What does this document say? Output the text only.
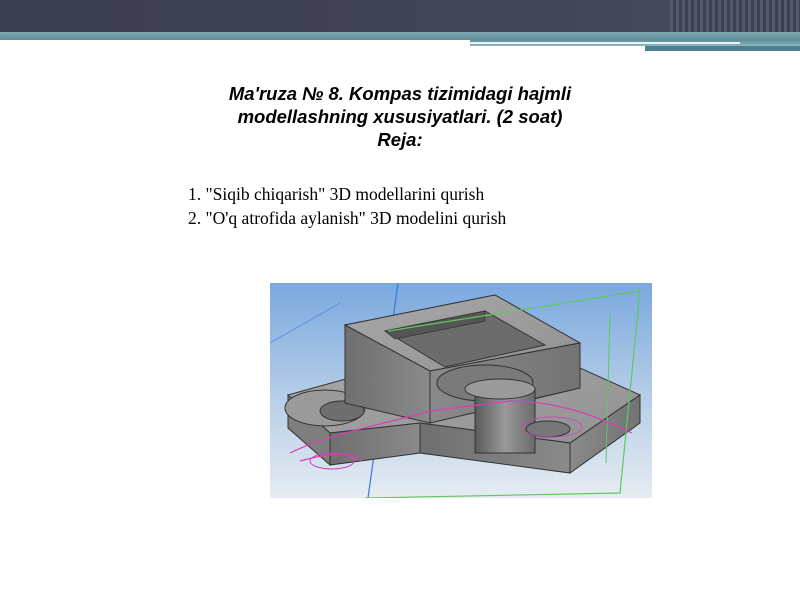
Ma'ruza № 8. Kompas tizimidagi hajmli
modellashning xususiyatlari. (2 soat)
Reja:
1. "Siqib chiqarish" 3D modellarini qurish
2. "O'q atrofida aylanish" 3D modelini qurish
